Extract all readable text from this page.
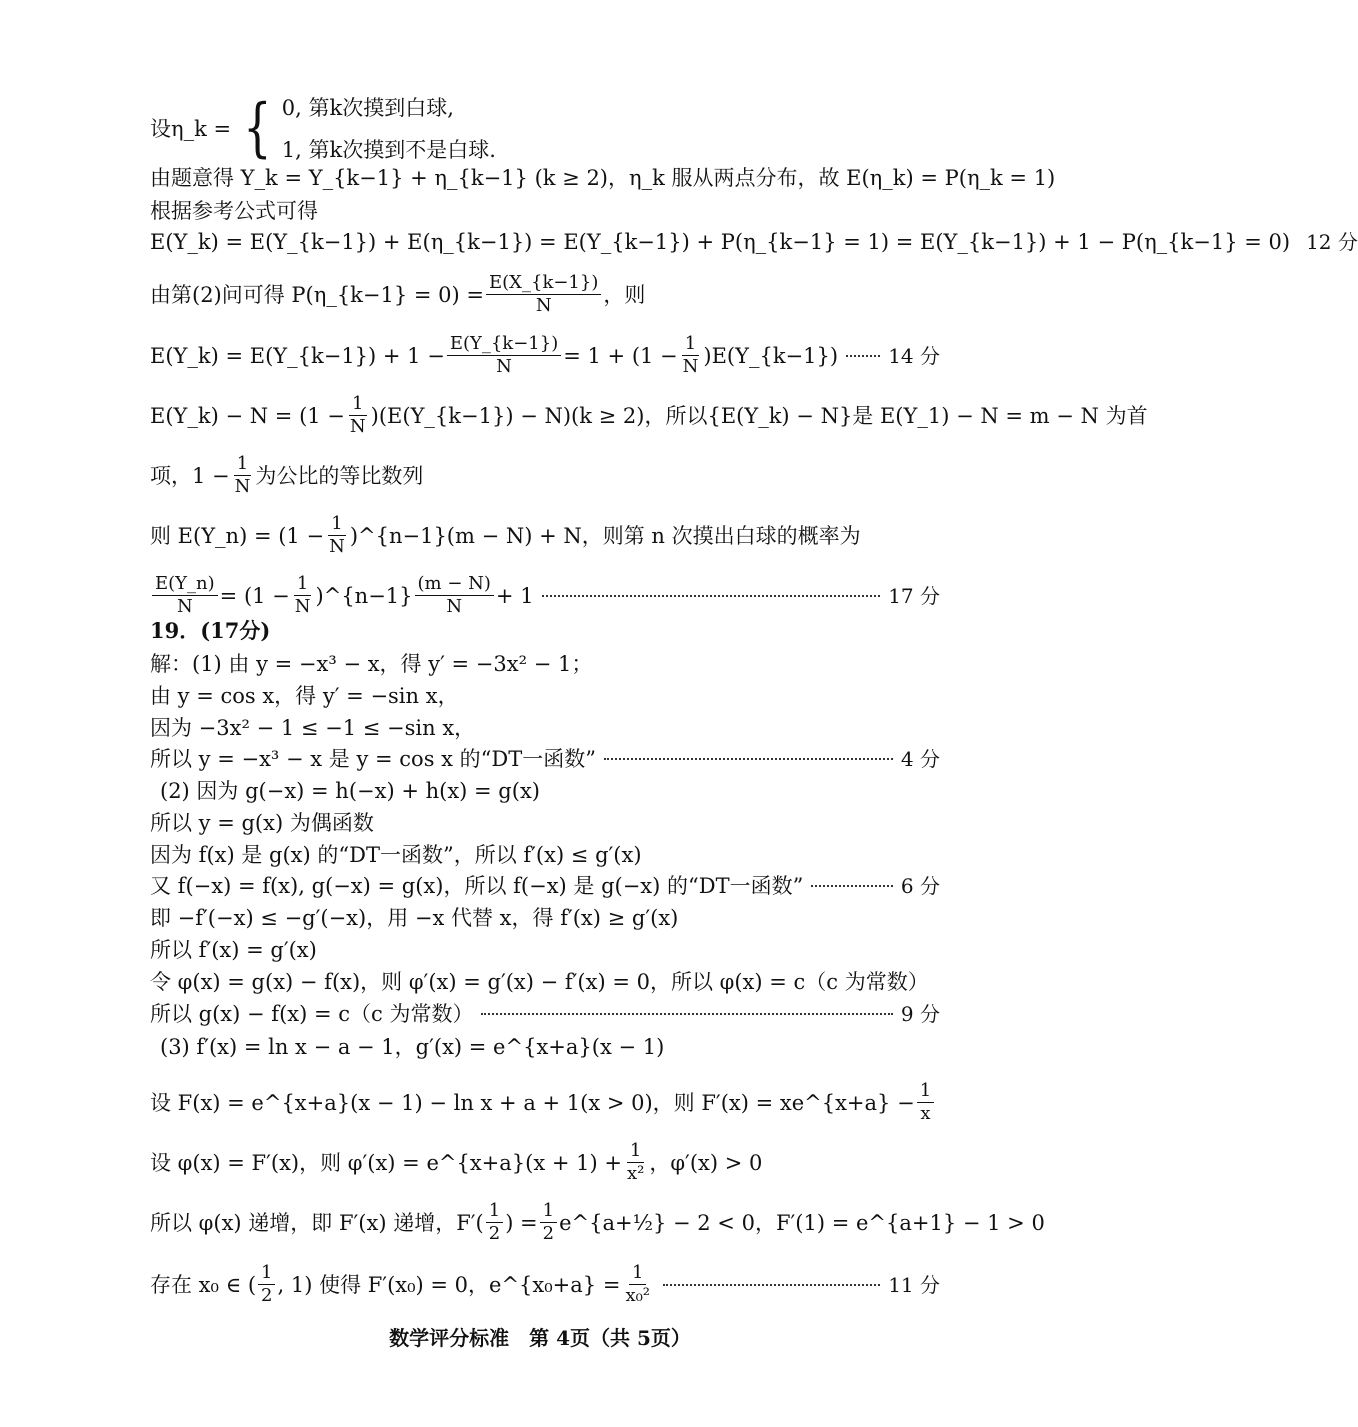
设η_k = { 0, 第k次摸到白球,
1, 第k次摸到不是白球.
由题意得 Y_k = Y_{k−1} + η_{k−1} (k ≥ 2)，η_k 服从两点分布，故 E(η_k) = P(η_k = 1)
根据参考公式可得
E(Y_k) = E(Y_{k−1}) + E(η_{k−1}) = E(Y_{k−1}) + P(η_{k−1} = 1) = E(Y_{k−1}) + 1 − P(η_{k−1} = 0) 12 分
由第(2)问可得 P(η_{k−1} = $0) = \frac{E(X\_\{k-1\})}{N}$ ，则
E(Y_k) = E(Y_{k−1}) + $1 - \frac{E(Y\_\{k-1\})}{N} = 1 + (1 - \frac{1}{N}$ )E(Y_{k−1})	14 分
E(Y_k) − $N = (1 - \frac{1}{N}$ )(E(Y_{k−1}) − N)(k ≥ 2)，所以{E(Y_k) − N}是 E(Y_1) − N = m − N 为首
项，$1 - \frac{1}{N}$ 为公比的等比数列
则 E(Y_n) = ($1 - \frac{1}{N}$ )^{n−1}(m − N) + N，则第 n 次摸出白球的概率为
$\frac{E(Y\_n)}{N} = (1 - \frac{1}{N}$ )^{n−1} $\frac{(m - N)}{N} + 1$	17 分
19．(17分)
解：(1) 由 y = −x³ − x，得 y′ = −3x² − 1；
由 y = cos x，得 y′ = −sin x，
因为 −3x² − 1 ≤ −1 ≤ −sin x，
所以 y = −x³ − x 是 y = cos x 的“DT一函数”	4 分
(2) 因为 g(−x) = h(−x) + h(x) = g(x)
所以 y = g(x) 为偶函数
因为 f(x) 是 g(x) 的“DT一函数”，所以 f′(x) ≤ g′(x)
又 f(−x) = f(x), g(−x) = g(x)，所以 f(−x) 是 g(−x) 的“DT一函数”	6 分
即 −f′(−x) ≤ −g′(−x)，用 −x 代替 x，得 f′(x) ≥ g′(x)
所以 f′(x) = g′(x)
令 φ(x) = g(x) − f(x)，则 φ′(x) = g′(x) − f′(x) = 0，所以 φ(x) = c（c 为常数）
所以 g(x) − f(x) = c（c 为常数）	9 分
(3) f′(x) = ln x − a − 1，g′(x) = e^{x+a}(x − 1)
设 F(x) = e^{x+a}(x − 1) − ln x + a + 1(x > 0)，则 F′(x) = xe^{x+a} − $\frac{1}{x}$
设 φ(x) = F′(x)，则 φ′(x) = e^{x+a}(x + $1) + \frac{1}{\text{x²}}$ ，φ′(x) > 0
所以 φ(x) 递增，即 F′(x) 递增，$F'( \frac{1}{2}$ ) = $\frac{1}{2}$ e^{a+½} − 2 < 0，F′(1) = e^{a+1} − 1 > 0
存在 x₀ ∈ ( $\frac{1}{2}$ , 1) 使得 F′(x₀) = 0，e^{x₀+a} = $\frac{1}{\text{x₀²}}$	11 分
数学评分标准　第 4页（共 5页）
